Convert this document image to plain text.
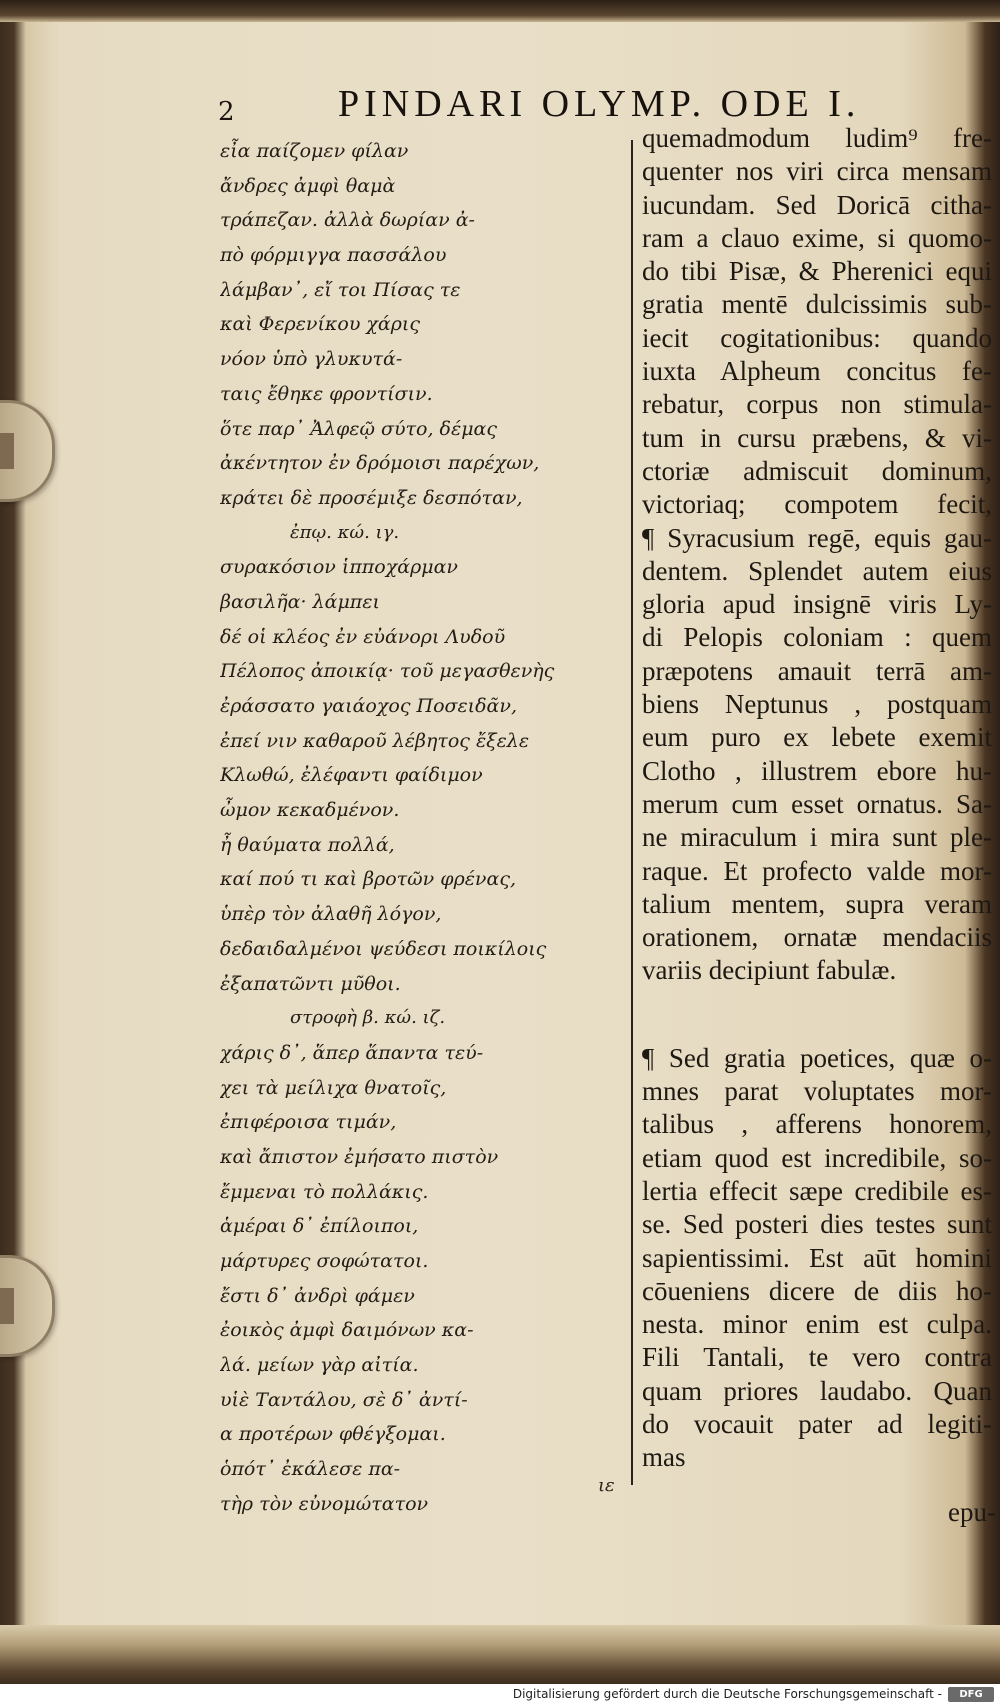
2	PINDARI OLYMP. ODE I.
εἶα παίζομεν φίλαν
ἄνδρες ἀμφὶ θαμὰ
τράπεζαν. ἀλλὰ δωρίαν ἀ-
πὸ φόρμιγγα πασσάλου
λάμβαν᾽, εἴ τοι Πίσας τε
καὶ Φερενίκου χάρις
νόον ὑπὸ γλυκυτά-
ταις ἔθηκε φροντίσιν.
ὅτε παρ᾽ Ἀλφεῷ σύτο, δέμας
ἀκέντητον ἐν δρόμοισι παρέχων,
κράτει δὲ προσέμιξε δεσπόταν,
ἐπῳ. κώ. ιγ.
συρακόσιον ἱπποχάρμαν
βασιλῆα· λάμπει
δέ οἱ κλέος ἐν εὐάνορι Λυδοῦ
Πέλοπος ἀποικίᾳ· τοῦ μεγασθενὴς
ἐράσσατο γαιάοχος Ποσειδᾶν,
ἐπεί νιν καθαροῦ λέβητος ἔξελε
Κλωθώ, ἐλέφαντι φαίδιμον
ὦμον κεκαδμένον.
ἦ θαύματα πολλά,
καί πού τι καὶ βροτῶν φρένας,
ὑπὲρ τὸν ἀλαθῆ λόγον,
δεδαιδαλμένοι ψεύδεσι ποικίλοις
ἐξαπατῶντι μῦθοι.
στροφὴ β. κώ. ιζ.
χάρις δ᾽, ἅπερ ἅπαντα τεύ-
χει τὰ μείλιχα θνατοῖς,
ἐπιφέροισα τιμάν,
καὶ ἄπιστον ἐμήσατο πιστὸν
ἔμμεναι τὸ πολλάκις.
ἁμέραι δ᾽ ἐπίλοιποι,
μάρτυρες σοφώτατοι.
ἔστι δ᾽ ἀνδρὶ φάμεν
ἐοικὸς ἀμφὶ δαιμόνων κα-
λά. μείων γὰρ αἰτία.
υἱὲ Ταντάλου, σὲ δ᾽ ἀντί-
α προτέρων φθέγξομαι.
ὁπότ᾽ ἐκάλεσε πα-
τὴρ τὸν εὐνομώτατον
ιε
quemadmodum ludim⁹ fre-
quenter nos viri circa mensam
iucundam. Sed Doricā citha-
ram a clauo exime, si quomo-
do tibi Pisæ, & Pherenici equi
gratia mentē dulcissimis sub-
iecit cogitationibus: quando
iuxta Alpheum concitus fe-
rebatur, corpus non stimula-
tum in cursu præbens, & vi-
ctoriæ admiscuit dominum,
victoriaq; compotem fecit,
¶ Syracusium regē, equis gau-
dentem. Splendet autem eius
gloria apud insignē viris Ly-
di Pelopis coloniam : quem
præpotens amauit terrā am-
biens Neptunus , postquam
eum puro ex lebete exemit
Clotho , illustrem ebore hu-
merum cum esset ornatus. Sa-
ne miraculum i mira sunt ple-
raque. Et profecto valde mor-
talium mentem, supra veram
orationem, ornatæ mendaciis
variis decipiunt fabulæ.
¶ Sed gratia poetices, quæ o-
mnes parat voluptates mor-
talibus , afferens honorem,
etiam quod est incredibile, so-
lertia effecit sæpe credibile es-
se. Sed posteri dies testes sunt
sapientissimi. Est aūt homini
cōueniens dicere de diis ho-
nesta. minor enim est culpa.
Fili Tantali, te vero contra
quam priores laudabo. Quan
do vocauit pater ad legiti-
mas
epu-
Digitalisierung gefördert durch die Deutsche Forschungsgemeinschaft -	DFG
